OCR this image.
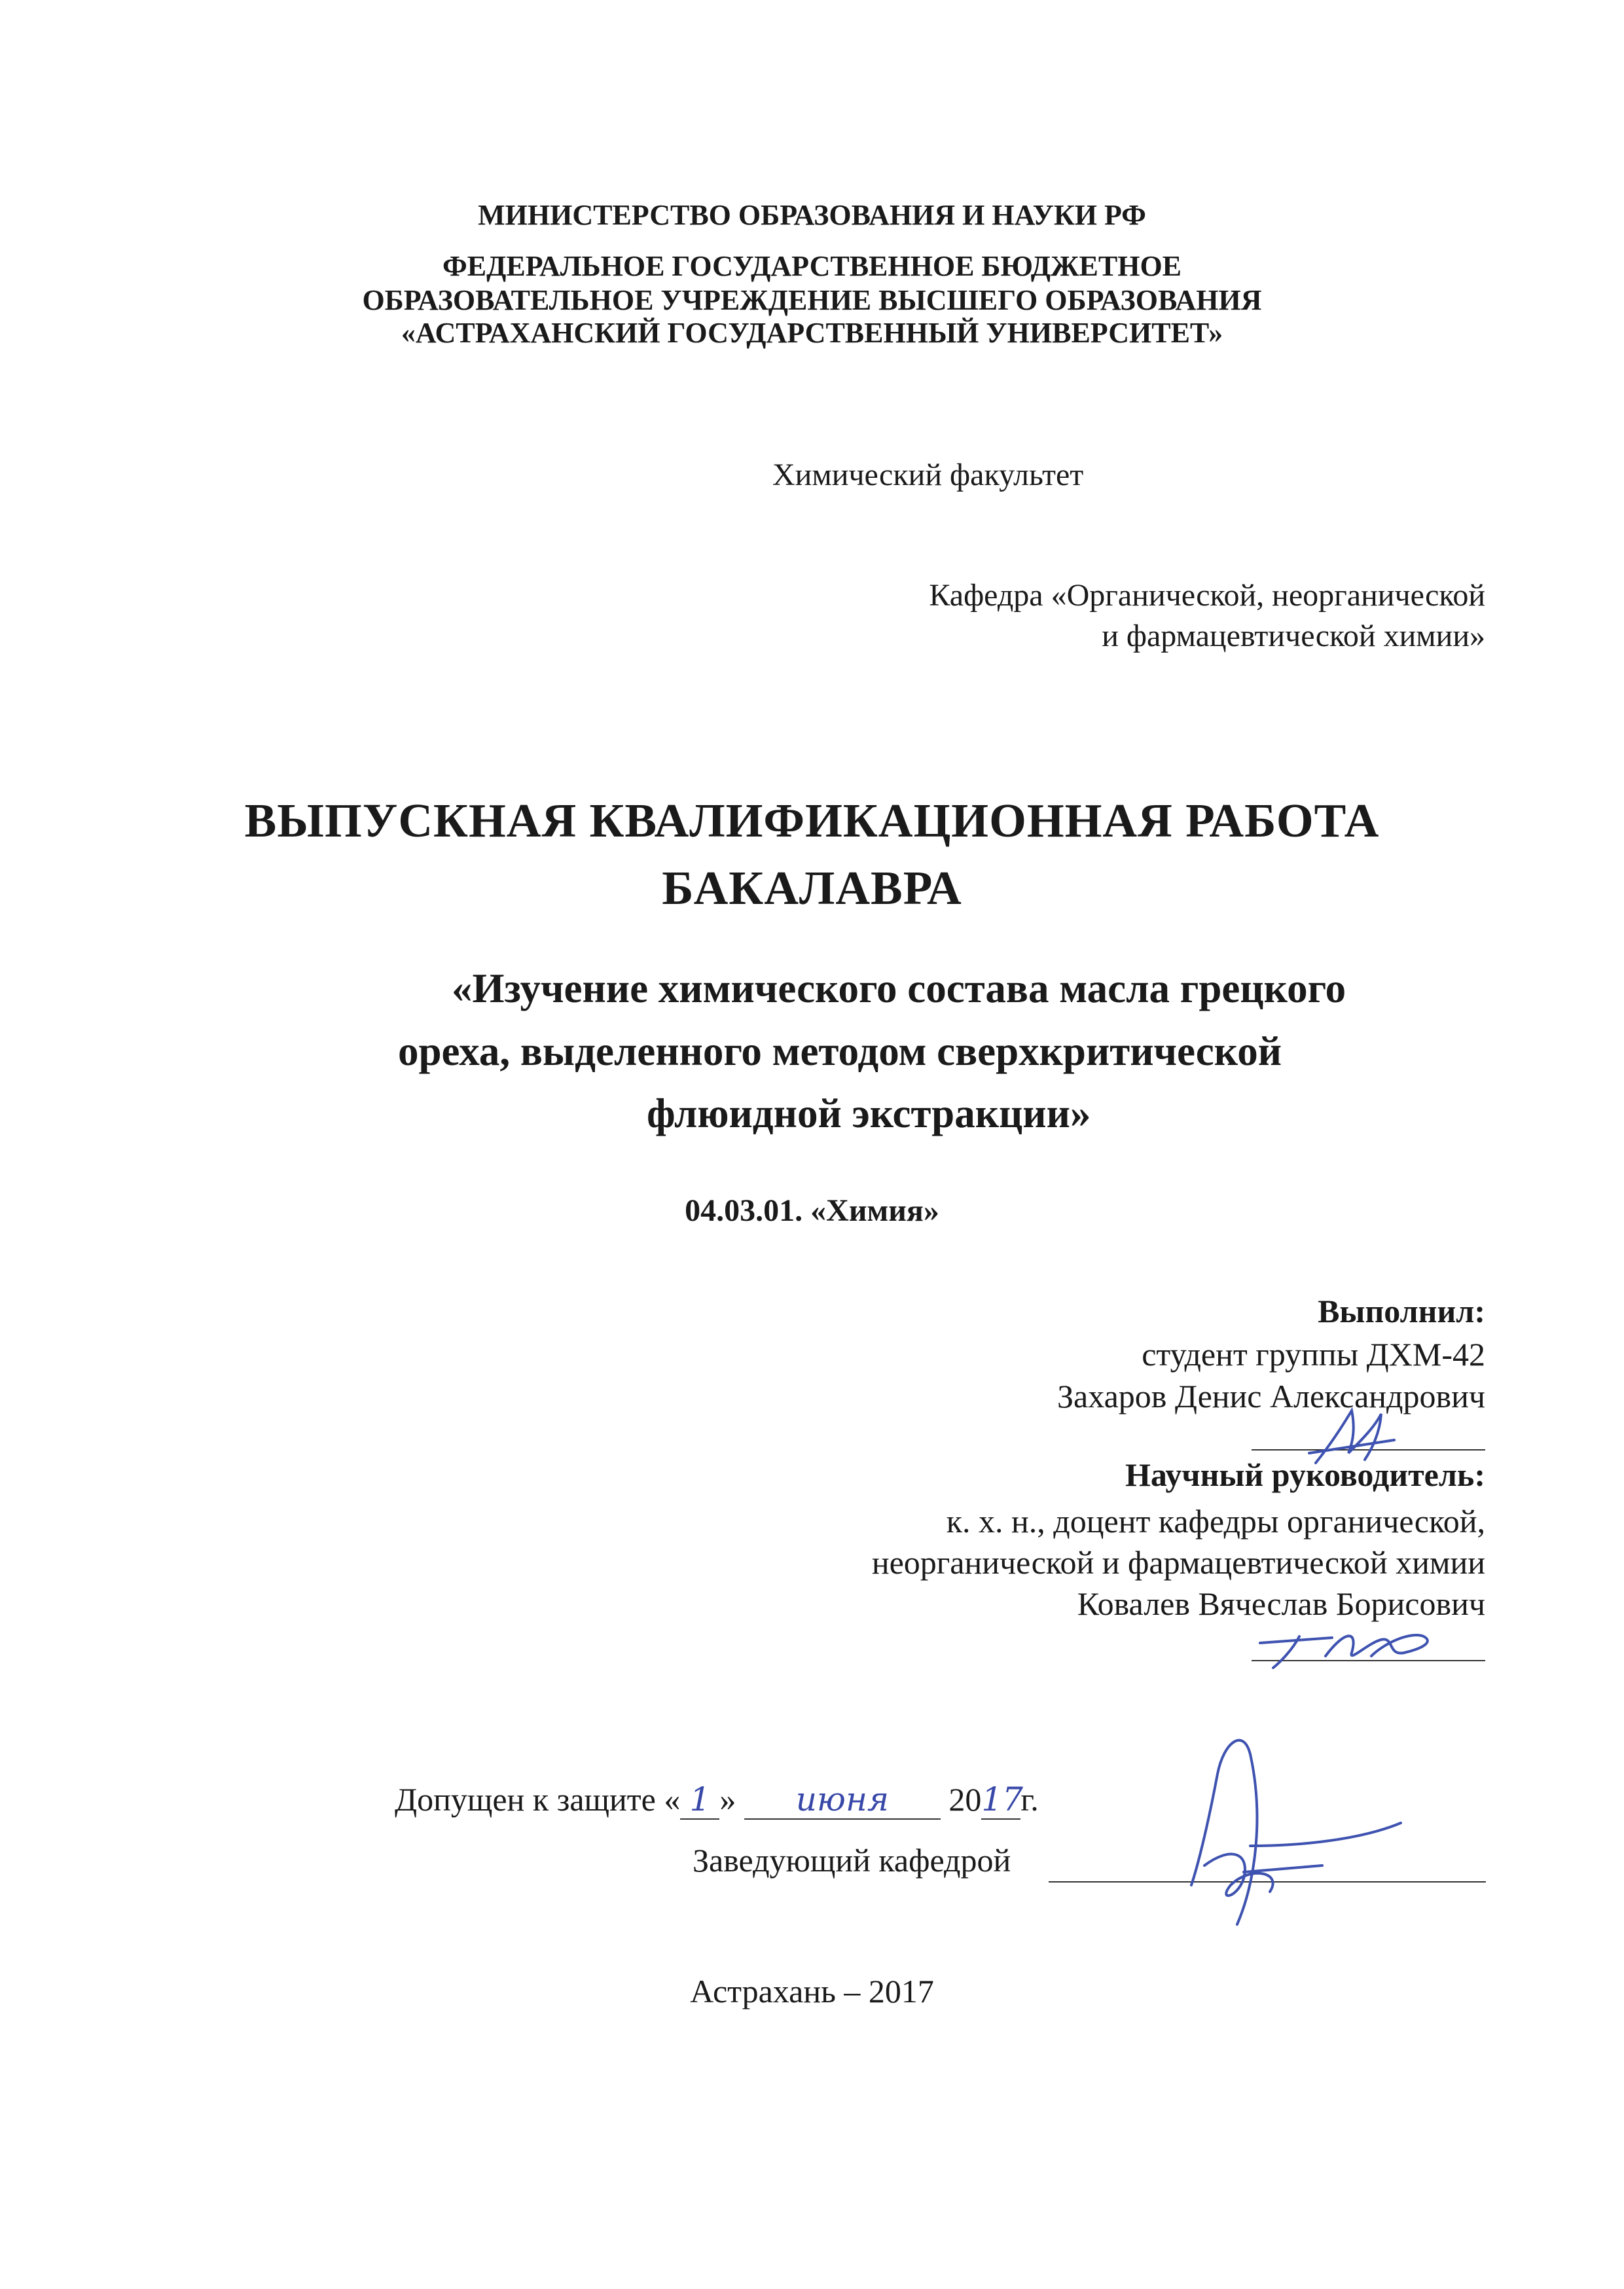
МИНИСТЕРСТВО ОБРАЗОВАНИЯ И НАУКИ РФ
ФЕДЕРАЛЬНОЕ ГОСУДАРСТВЕННОЕ БЮДЖЕТНОЕ
ОБРАЗОВАТЕЛЬНОЕ УЧРЕЖДЕНИЕ ВЫСШЕГО ОБРАЗОВАНИЯ
«АСТРАХАНСКИЙ ГОСУДАРСТВЕННЫЙ УНИВЕРСИТЕТ»
Химический факультет
Кафедра «Органической, неорганической
и фармацевтической химии»
ВЫПУСКНАЯ КВАЛИФИКАЦИОННАЯ РАБОТА
БАКАЛАВРА
«Изучение химического состава масла грецкого
ореха, выделенного методом сверхкритической
флюидной экстракции»
04.03.01. «Химия»
Выполнил:
студент группы ДХМ-42
Захаров Денис Александрович
Научный руководитель:
к. х. н., доцент кафедры органической,
неорганической и фармацевтической химии
Ковалев Вячеслав Борисович
Допущен к защите « 1 » июня 2017г.
Заведующий кафедрой
Астрахань – 2017
